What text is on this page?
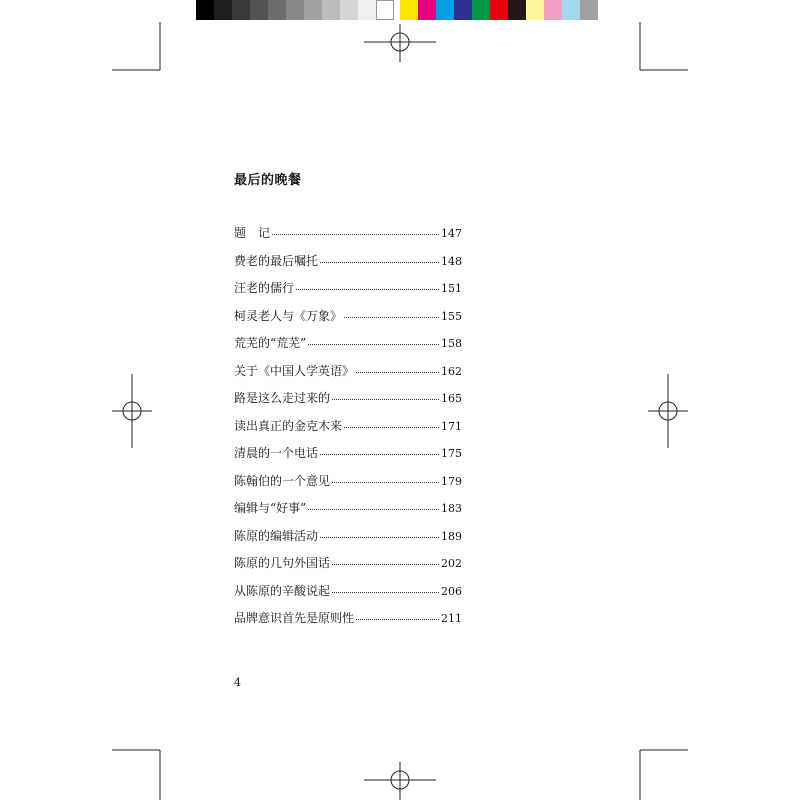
最后的晚餐
题　记	147
费老的最后嘱托	148
汪老的儒行	151
柯灵老人与《万象》	155
荒芜的“荒芜”	158
关于《中国人学英语》	162
路是这么走过来的	165
读出真正的金克木来	171
清晨的一个电话	175
陈翰伯的一个意见	179
编辑与“好事”	183
陈原的编辑活动	189
陈原的几句外国话	202
从陈原的辛酸说起	206
品牌意识首先是原则性	211
4
